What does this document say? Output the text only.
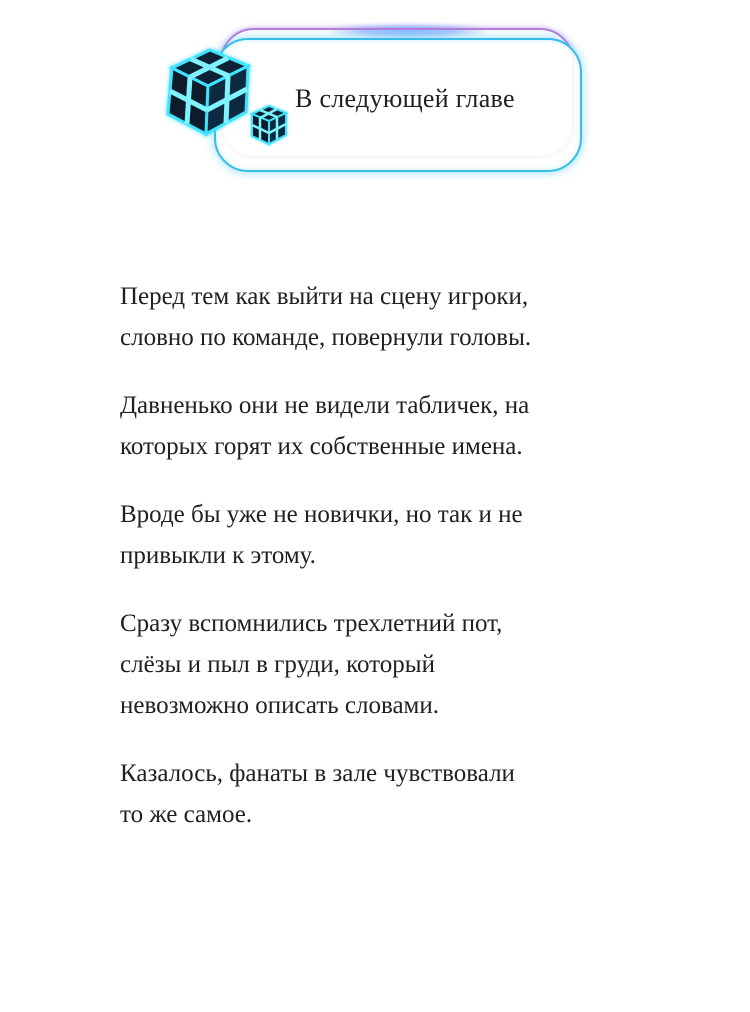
В следующей главе

Перед тем как выйти на сцену игроки,
словно по команде, повернули головы.

Давненько они не видели табличек, на
которых горят их собственные имена.

Вроде бы уже не новички, но так и не
привыкли к этому.

Сразу вспомнились трехлетний пот,
слёзы и пыл в груди, который
невозможно описать словами.

Казалось, фанаты в зале чувствовали
то же самое.
